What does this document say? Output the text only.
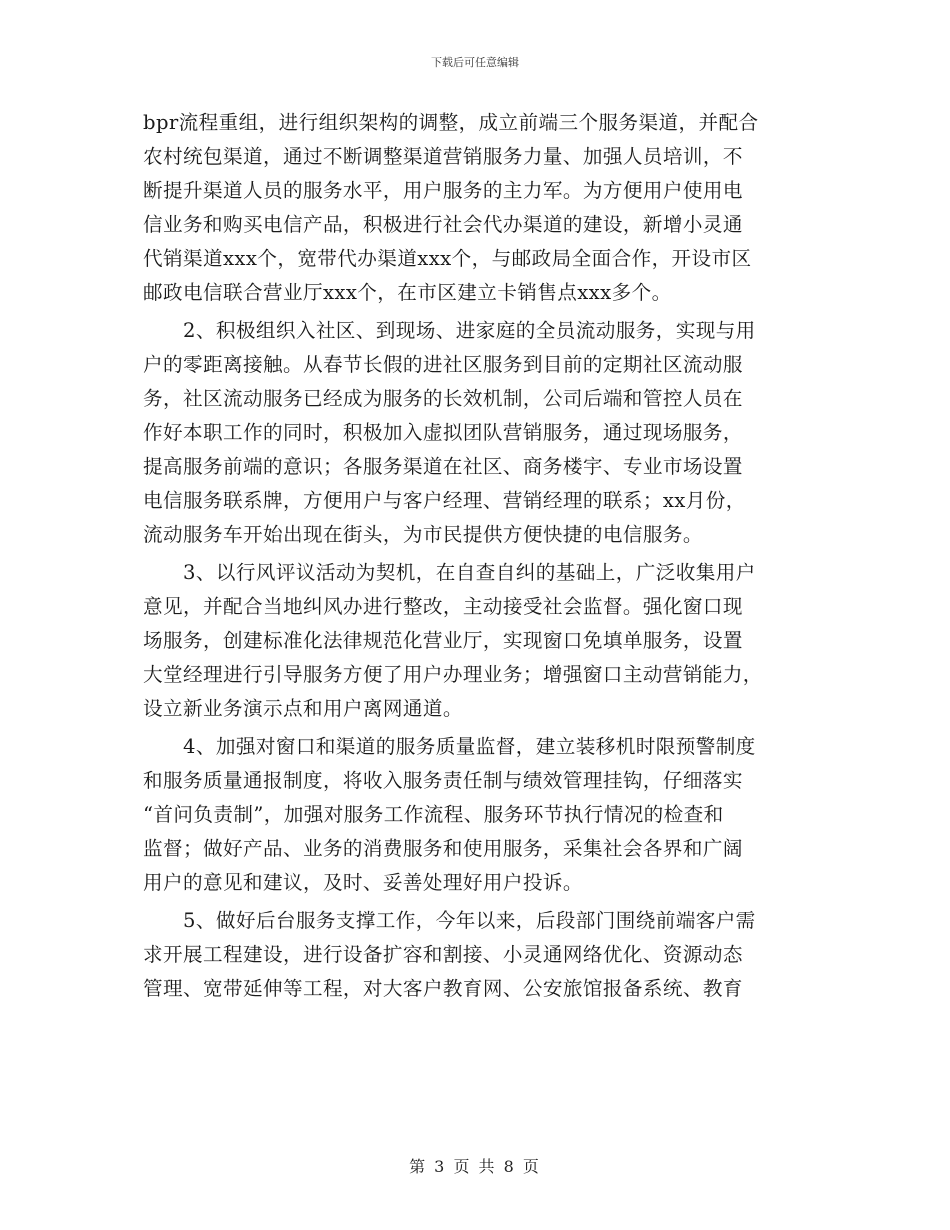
下载后可任意编辑
bpr流程重组，进行组织架构的调整，成立前端三个服务渠道，并配合
农村统包渠道，通过不断调整渠道营销服务力量、加强人员培训，不
断提升渠道人员的服务水平，用户服务的主力军。为方便用户使用电
信业务和购买电信产品，积极进行社会代办渠道的建设，新增小灵通
代销渠道xxx个，宽带代办渠道xxx个，与邮政局全面合作，开设市区
邮政电信联合营业厅xxx个，在市区建立卡销售点xxx多个。
　　2、积极组织入社区、到现场、进家庭的全员流动服务，实现与用
户的零距离接触。从春节长假的进社区服务到目前的定期社区流动服
务，社区流动服务已经成为服务的长效机制，公司后端和管控人员在
作好本职工作的同时，积极加入虚拟团队营销服务，通过现场服务，
提高服务前端的意识；各服务渠道在社区、商务楼宇、专业市场设置
电信服务联系牌，方便用户与客户经理、营销经理的联系；xx月份，
流动服务车开始出现在街头，为市民提供方便快捷的电信服务。
　　3、以行风评议活动为契机，在自查自纠的基础上，广泛收集用户
意见，并配合当地纠风办进行整改，主动接受社会监督。强化窗口现
场服务，创建标准化法律规范化营业厅，实现窗口免填单服务，设置
大堂经理进行引导服务方便了用户办理业务；增强窗口主动营销能力，
设立新业务演示点和用户离网通道。
　　4、加强对窗口和渠道的服务质量监督，建立装移机时限预警制度
和服务质量通报制度，将收入服务责任制与绩效管理挂钩，仔细落实
“首问负责制”，加强对服务工作流程、服务环节执行情况的检查和
监督；做好产品、业务的消费服务和使用服务，采集社会各界和广阔
用户的意见和建议，及时、妥善处理好用户投诉。
　　5、做好后台服务支撑工作，今年以来，后段部门围绕前端客户需
求开展工程建设，进行设备扩容和割接、小灵通网络优化、资源动态
管理、宽带延伸等工程，对大客户教育网、公安旅馆报备系统、教育
第 3 页 共 8 页
